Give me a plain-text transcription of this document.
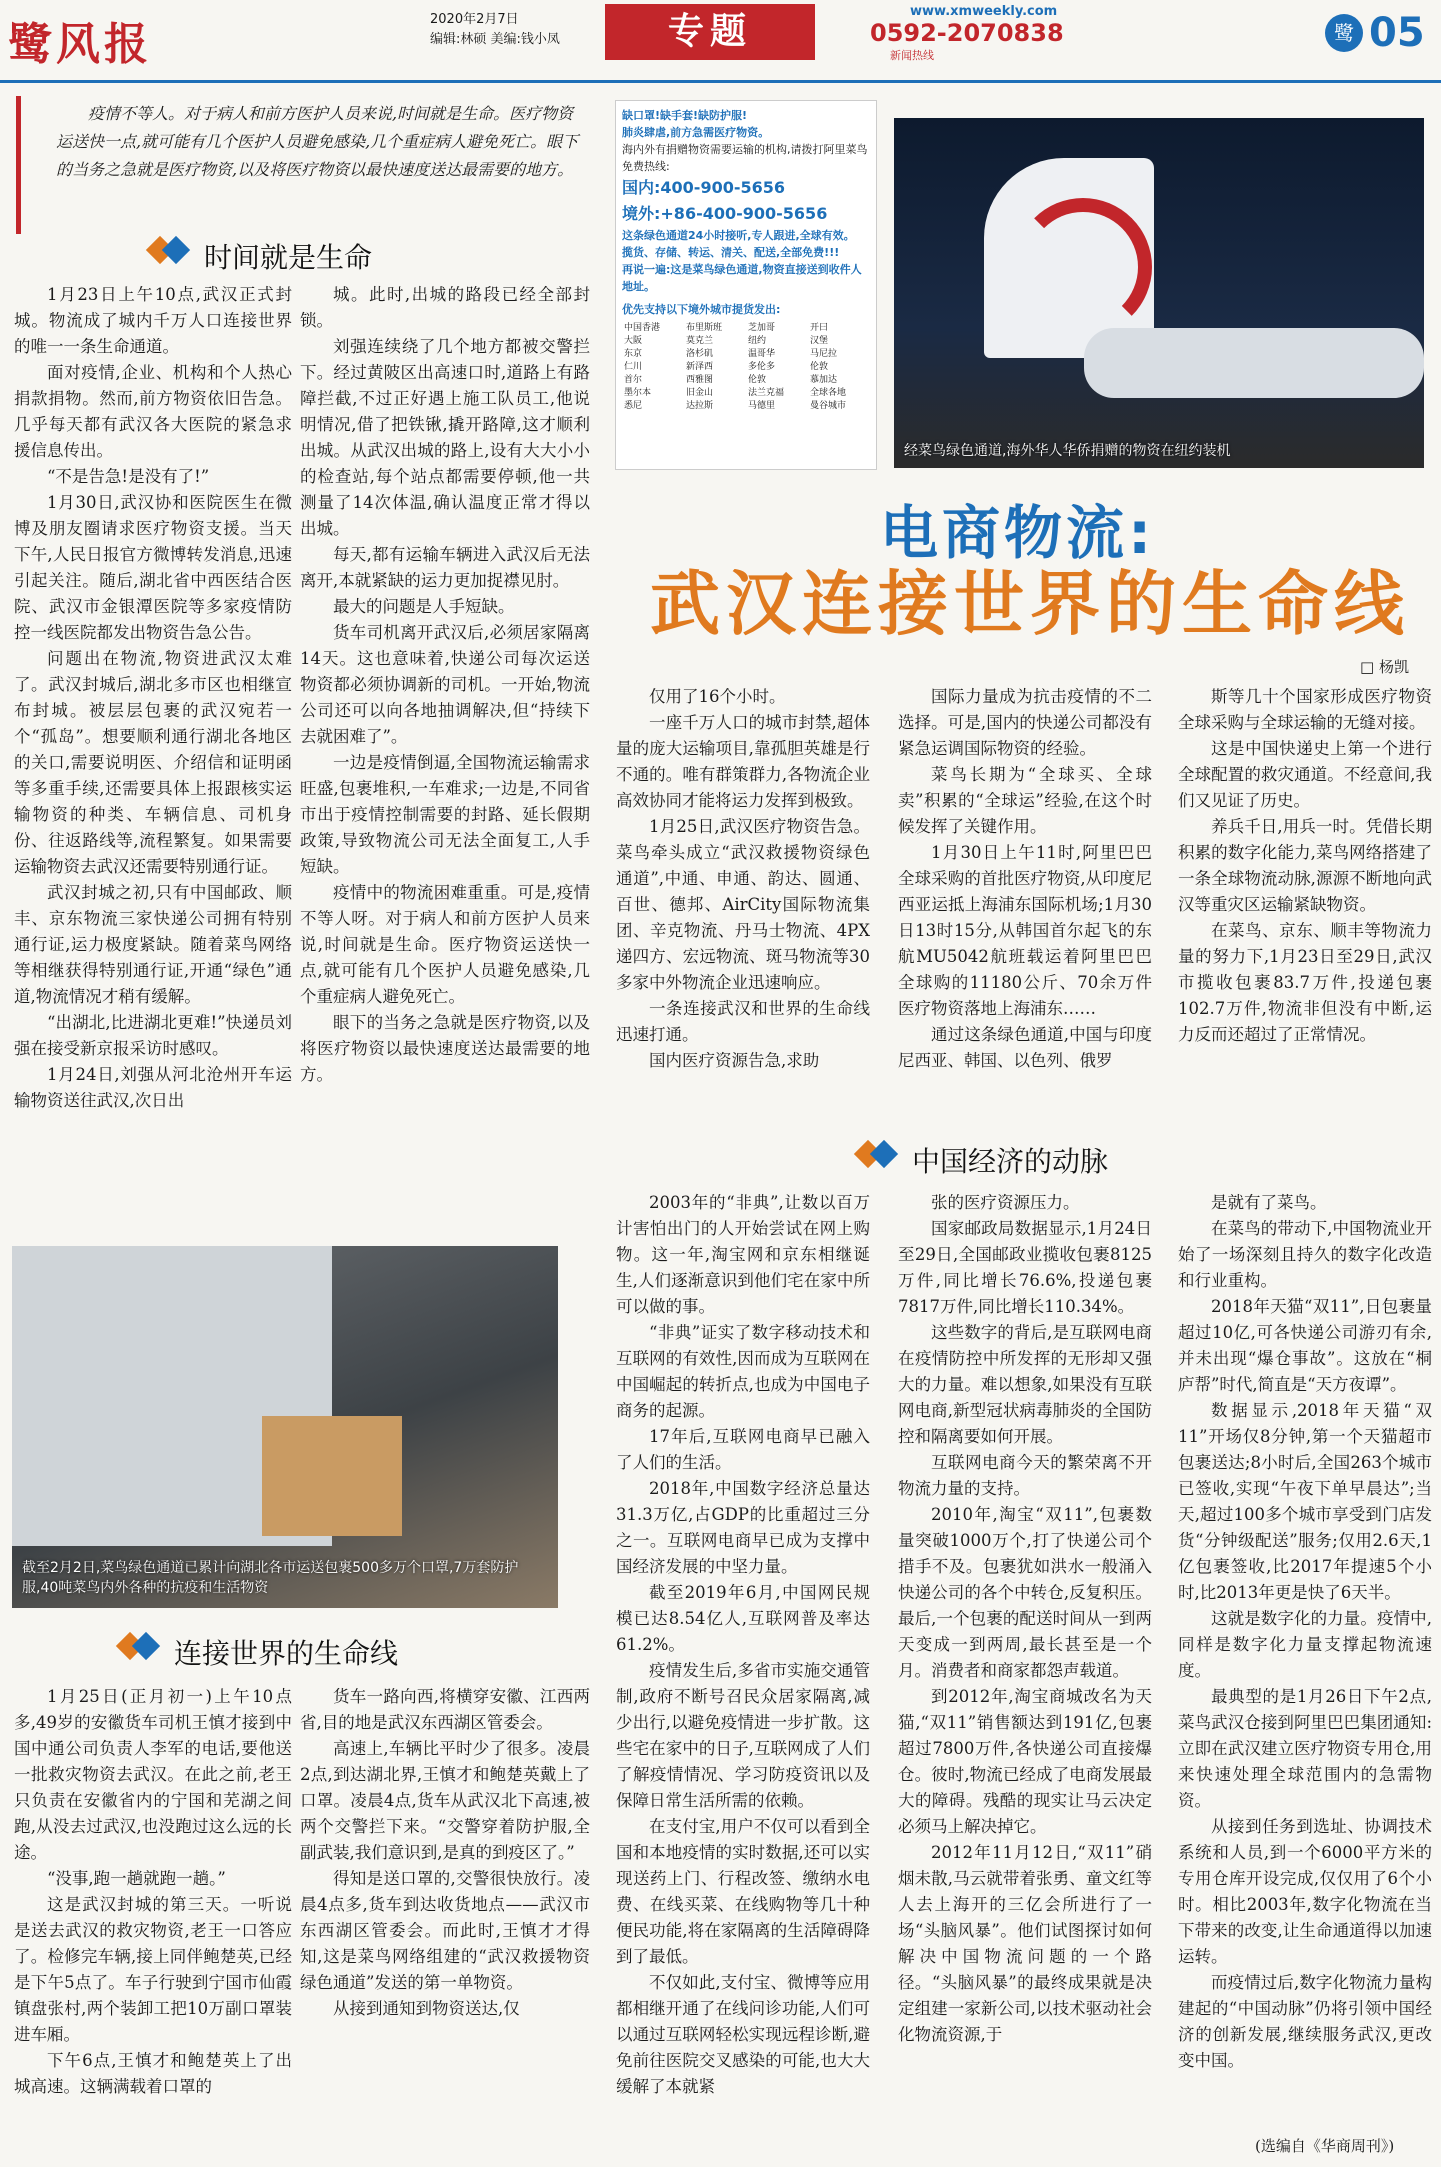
鹭风报	2020年2月7日
编辑:林硕 美编:钱小凤	专题	www.xmweekly.com
0592-2070838
新闻热线
鹭 05
疫情不等人。对于病人和前方医护人员来说,时间就是生命。医疗物资运送快一点,就可能有几个医护人员避免感染,几个重症病人避免死亡。眼下的当务之急就是医疗物资,以及将医疗物资以最快速度送达最需要的地方。
时间就是生命

1月23日上午10点,武汉正式封城。物流成了城内千万人口连接世界的唯一一条生命通道。

面对疫情,企业、机构和个人热心捐款捐物。然而,前方物资依旧告急。几乎每天都有武汉各大医院的紧急求援信息传出。

“不是告急!是没有了!”

1月30日,武汉协和医院医生在微博及朋友圈请求医疗物资支援。当天下午,人民日报官方微博转发消息,迅速引起关注。随后,湖北省中西医结合医院、武汉市金银潭医院等多家疫情防控一线医院都发出物资告急公告。

问题出在物流,物资进武汉太难了。武汉封城后,湖北多市区也相继宣布封城。被层层包裹的武汉宛若一个“孤岛”。想要顺利通行湖北各地区的关口,需要说明医、介绍信和证明函等多重手续,还需要具体上报跟核实运输物资的种类、车辆信息、司机身份、往返路线等,流程繁复。如果需要运输物资去武汉还需要特别通行证。

武汉封城之初,只有中国邮政、顺丰、京东物流三家快递公司拥有特别通行证,运力极度紧缺。随着菜鸟网络等相继获得特别通行证,开通“绿色”通道,物流情况才稍有缓解。

“出湖北,比进湖北更难!”快递员刘强在接受新京报采访时感叹。

1月24日,刘强从河北沧州开车运输物资送往武汉,次日出

城。此时,出城的路段已经全部封锁。

刘强连续绕了几个地方都被交警拦下。经过黄陂区出高速口时,道路上有路障拦截,不过正好遇上施工队员工,他说明情况,借了把铁锹,撬开路障,这才顺利出城。从武汉出城的路上,设有大大小小的检查站,每个站点都需要停顿,他一共测量了14次体温,确认温度正常才得以出城。

每天,都有运输车辆进入武汉后无法离开,本就紧缺的运力更加捉襟见肘。

最大的问题是人手短缺。

货车司机离开武汉后,必须居家隔离14天。这也意味着,快递公司每次运送物资都必须协调新的司机。一开始,物流公司还可以向各地抽调解决,但“持续下去就困难了”。

一边是疫情倒逼,全国物流运输需求旺盛,包裹堆积,一车难求;一边是,不同省市出于疫情控制需要的封路、延长假期政策,导致物流公司无法全面复工,人手短缺。

疫情中的物流困难重重。可是,疫情不等人呀。对于病人和前方医护人员来说,时间就是生命。医疗物资运送快一点,就可能有几个医护人员避免感染,几个重症病人避免死亡。

眼下的当务之急就是医疗物资,以及将医疗物资以最快速度送达最需要的地方。

缺口罩!缺手套!缺防护服!
肺炎肆虐,前方急需医疗物资。
海内外有捐赠物资需要运输的机构,请拨打阿里菜鸟免费热线:
国内:400-900-5656
境外:+86-400-900-5656
这条绿色通道24小时接听,专人跟进,全球有效。
揽货、存储、转运、清关、配送,全部免费!!!
再说一遍:这是菜鸟绿色通道,物资直接送到收件人地址。
优先支持以下境外城市提货发出:
中国香港	布里斯班	芝加哥	开曰
大阪	莫克兰	纽约	汉堡
东京	洛杉矶	温哥华	马尼拉
仁川	新泽西	多伦多	伦敦
首尔	西雅图	伦敦	慕加达
墨尔本	旧金山	法兰克福	全球各地
悉尼	达拉斯	马德里	曼谷城市
经菜鸟绿色通道,海外华人华侨捐赠的物资在纽约装机
电商物流:
武汉连接世界的生命线
□ 杨凯

仅用了16个小时。

一座千万人口的城市封禁,超体量的庞大运输项目,靠孤胆英雄是行不通的。唯有群策群力,各物流企业高效协同才能将运力发挥到极致。

1月25日,武汉医疗物资告急。菜鸟牵头成立“武汉救援物资绿色通道”,中通、申通、韵达、圆通、百世、德邦、AirCity国际物流集团、辛克物流、丹马士物流、4PX递四方、宏远物流、斑马物流等30多家中外物流企业迅速响应。

一条连接武汉和世界的生命线迅速打通。

国内医疗资源告急,求助

国际力量成为抗击疫情的不二选择。可是,国内的快递公司都没有紧急运调国际物资的经验。

菜鸟长期为“全球买、全球卖”积累的“全球运”经验,在这个时候发挥了关键作用。

1月30日上午11时,阿里巴巴全球采购的首批医疗物资,从印度尼西亚运抵上海浦东国际机场;1月30日13时15分,从韩国首尔起飞的东航MU5042航班载运着阿里巴巴全球购的11180公斤、70余万件医疗物资落地上海浦东……

通过这条绿色通道,中国与印度尼西亚、韩国、以色列、俄罗

斯等几十个国家形成医疗物资全球采购与全球运输的无缝对接。

这是中国快递史上第一个进行全球配置的救灾通道。不经意间,我们又见证了历史。

养兵千日,用兵一时。凭借长期积累的数字化能力,菜鸟网络搭建了一条全球物流动脉,源源不断地向武汉等重灾区运输紧缺物资。

在菜鸟、京东、顺丰等物流力量的努力下,1月23日至29日,武汉市揽收包裹83.7万件,投递包裹102.7万件,物流非但没有中断,运力反而还超过了正常情况。

中国经济的动脉
截至2月2日,菜鸟绿色通道已累计向湖北各市运送包裹500多万个口罩,7万套防护服,40吨菜鸟内外各种的抗疫和生活物资
连接世界的生命线

1月25日(正月初一)上午10点多,49岁的安徽货车司机王慎才接到中国中通公司负责人李军的电话,要他送一批救灾物资去武汉。在此之前,老王只负责在安徽省内的宁国和芜湖之间跑,从没去过武汉,也没跑过这么远的长途。

“没事,跑一趟就跑一趟。”

这是武汉封城的第三天。一听说是送去武汉的救灾物资,老王一口答应了。检修完车辆,接上同伴鲍楚英,已经是下午5点了。车子行驶到宁国市仙霞镇盘张村,两个装卸工把10万副口罩装进车厢。

下午6点,王慎才和鲍楚英上了出城高速。这辆满载着口罩的

货车一路向西,将横穿安徽、江西两省,目的地是武汉东西湖区管委会。

高速上,车辆比平时少了很多。凌晨2点,到达湖北界,王慎才和鲍楚英戴上了口罩。凌晨4点,货车从武汉北下高速,被两个交警拦下来。“交警穿着防护服,全副武装,我们意识到,是真的到疫区了。”

得知是送口罩的,交警很快放行。凌晨4点多,货车到达收货地点——武汉市东西湖区管委会。而此时,王慎才才得知,这是菜鸟网络组建的“武汉救援物资绿色通道”发送的第一单物资。

从接到通知到物资送达,仅

2003年的“非典”,让数以百万计害怕出门的人开始尝试在网上购物。这一年,淘宝网和京东相继诞生,人们逐渐意识到他们宅在家中所可以做的事。

“非典”证实了数字移动技术和互联网的有效性,因而成为互联网在中国崛起的转折点,也成为中国电子商务的起源。

17年后,互联网电商早已融入了人们的生活。

2018年,中国数字经济总量达31.3万亿,占GDP的比重超过三分之一。互联网电商早已成为支撑中国经济发展的中坚力量。

截至2019年6月,中国网民规模已达8.54亿人,互联网普及率达61.2%。

疫情发生后,多省市实施交通管制,政府不断号召民众居家隔离,减少出行,以避免疫情进一步扩散。这些宅在家中的日子,互联网成了人们了解疫情情况、学习防疫资讯以及保障日常生活所需的依赖。

在支付宝,用户不仅可以看到全国和本地疫情的实时数据,还可以实现送药上门、行程改签、缴纳水电费、在线买菜、在线购物等几十种便民功能,将在家隔离的生活障碍降到了最低。

不仅如此,支付宝、微博等应用都相继开通了在线问诊功能,人们可以通过互联网轻松实现远程诊断,避免前往医院交叉感染的可能,也大大缓解了本就紧

张的医疗资源压力。

国家邮政局数据显示,1月24日至29日,全国邮政业揽收包裹8125万件,同比增长76.6%,投递包裹7817万件,同比增长110.34%。

这些数字的背后,是互联网电商在疫情防控中所发挥的无形却又强大的力量。难以想象,如果没有互联网电商,新型冠状病毒肺炎的全国防控和隔离要如何开展。

互联网电商今天的繁荣离不开物流力量的支持。

2010年,淘宝“双11”,包裹数量突破1000万个,打了快递公司个措手不及。包裹犹如洪水一般涌入快递公司的各个中转仓,反复积压。最后,一个包裹的配送时间从一到两天变成一到两周,最长甚至是一个月。消费者和商家都怨声载道。

到2012年,淘宝商城改名为天猫,“双11”销售额达到191亿,包裹超过7800万件,各快递公司直接爆仓。彼时,物流已经成了电商发展最大的障碍。残酷的现实让马云决定必须马上解决掉它。

2012年11月12日,“双11”硝烟未散,马云就带着张勇、童文红等人去上海开的三亿会所进行了一场“头脑风暴”。他们试图探讨如何解决中国物流问题的一个路径。“头脑风暴”的最终成果就是决定组建一家新公司,以技术驱动社会化物流资源,于

是就有了菜鸟。

在菜鸟的带动下,中国物流业开始了一场深刻且持久的数字化改造和行业重构。

2018年天猫“双11”,日包裹量超过10亿,可各快递公司游刃有余,并未出现“爆仓事故”。这放在“桐庐帮”时代,简直是“天方夜谭”。

数据显示,2018年天猫“双11”开场仅8分钟,第一个天猫超市包裹送达;8小时后,全国263个城市已签收,实现“午夜下单早晨达”;当天,超过100多个城市享受到门店发货“分钟级配送”服务;仅用2.6天,1亿包裹签收,比2017年提速5个小时,比2013年更是快了6天半。

这就是数字化的力量。疫情中,同样是数字化力量支撑起物流速度。

最典型的是1月26日下午2点,菜鸟武汉仓接到阿里巴巴集团通知:立即在武汉建立医疗物资专用仓,用来快速处理全球范围内的急需物资。

从接到任务到选址、协调技术系统和人员,到一个6000平方米的专用仓库开设完成,仅仅用了6个小时。相比2003年,数字化物流在当下带来的改变,让生命通道得以加速运转。

而疫情过后,数字化物流力量构建起的“中国动脉”仍将引领中国经济的创新发展,继续服务武汉,更改变中国。

(选编自《华商周刊》)
